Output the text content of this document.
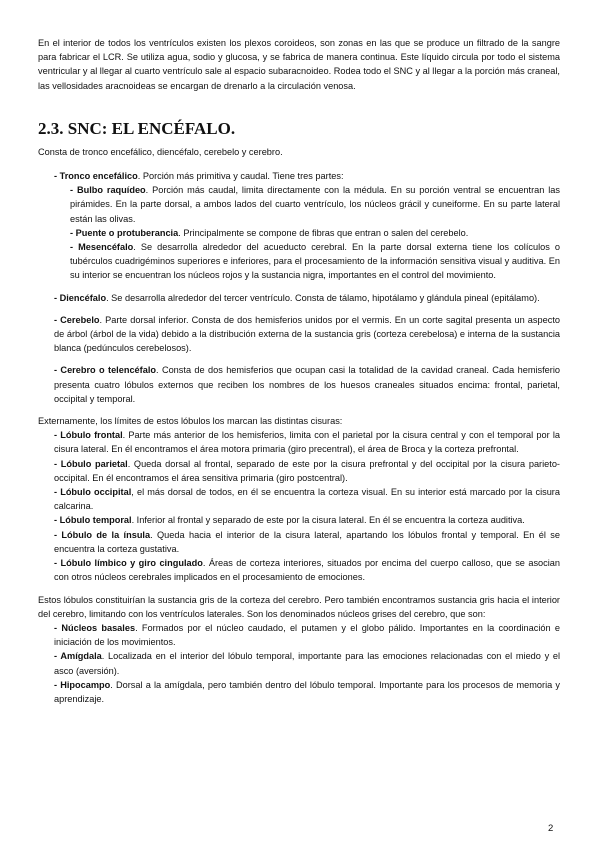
En el interior de todos los ventrículos existen los plexos coroideos, son zonas en las que se produce un filtrado de la sangre para fabricar el LCR. Se utiliza agua, sodio y glucosa, y se fabrica de manera continua. Este líquido circula por todo el sistema ventricular y al llegar al cuarto ventrículo sale al espacio subaracnoideo. Rodea todo el SNC y al llegar a la porción más craneal, las vellosidades aracnoideas se encargan de drenarlo a la circulación venosa.

2.3. SNC: EL ENCÉFALO.

Consta de tronco encefálico, diencéfalo, cerebelo y cerebro.

- Tronco encefálico. Porción más primitiva y caudal. Tiene tres partes:

- Bulbo raquídeo. Porción más caudal, limita directamente con la médula. En su porción ventral se encuentran las pirámides. En la parte dorsal, a ambos lados del cuarto ventrículo, los núcleos grácil y cuneiforme. En su parte lateral están las olivas.

- Puente o protuberancia. Principalmente se compone de fibras que entran o salen del cerebelo.

- Mesencéfalo. Se desarrolla alrededor del acueducto cerebral. En la parte dorsal externa tiene los colículos o tubérculos cuadrigéminos superiores e inferiores, para el procesamiento de la información sensitiva visual y auditiva. En su interior se encuentran los núcleos rojos y la sustancia nigra, importantes en el control del movimiento.

- Diencéfalo. Se desarrolla alrededor del tercer ventrículo. Consta de tálamo, hipotálamo y glándula pineal (epitálamo).

- Cerebelo. Parte dorsal inferior. Consta de dos hemisferios unidos por el vermis. En un corte sagital presenta un aspecto de árbol (árbol de la vida) debido a la distribución externa de la sustancia gris (corteza cerebelosa) e interna de la sustancia blanca (pedúnculos cerebelosos).

- Cerebro o telencéfalo. Consta de dos hemisferios que ocupan casi la totalidad de la cavidad craneal. Cada hemisferio presenta cuatro lóbulos externos que reciben los nombres de los huesos craneales situados encima: frontal, parietal, occipital y temporal.

Externamente, los límites de estos lóbulos los marcan las distintas cisuras:

- Lóbulo frontal. Parte más anterior de los hemisferios, limita con el parietal por la cisura central y con el temporal por la cisura lateral. En él encontramos el área motora primaria (giro precentral), el área de Broca y la corteza prefrontal.

- Lóbulo parietal. Queda dorsal al frontal, separado de este por la cisura prefrontal y del occipital por la cisura parieto-occipital. En él encontramos el área sensitiva primaria (giro postcentral).

- Lóbulo occipital, el más dorsal de todos, en él se encuentra la corteza visual. En su interior está marcado por la cisura calcarina.

- Lóbulo temporal. Inferior al frontal y separado de este por la cisura lateral. En él se encuentra la corteza auditiva.

- Lóbulo de la ínsula. Queda hacia el interior de la cisura lateral, apartando los lóbulos frontal y temporal. En él se encuentra la corteza gustativa.

- Lóbulo límbico y giro cingulado. Áreas de corteza interiores, situados por encima del cuerpo calloso, que se asocian con otros núcleos cerebrales implicados en el procesamiento de emociones.

Estos lóbulos constituirían la sustancia gris de la corteza del cerebro. Pero también encontramos sustancia gris hacia el interior del cerebro, limitando con los ventrículos laterales. Son los denominados núcleos grises del cerebro, que son:

- Núcleos basales. Formados por el núcleo caudado, el putamen y el globo pálido. Importantes en la coordinación e iniciación de los movimientos.

- Amígdala. Localizada en el interior del lóbulo temporal, importante para las emociones relacionadas con el miedo y el asco (aversión).

- Hipocampo. Dorsal a la amígdala, pero también dentro del lóbulo temporal. Importante para los procesos de memoria y aprendizaje.

2
